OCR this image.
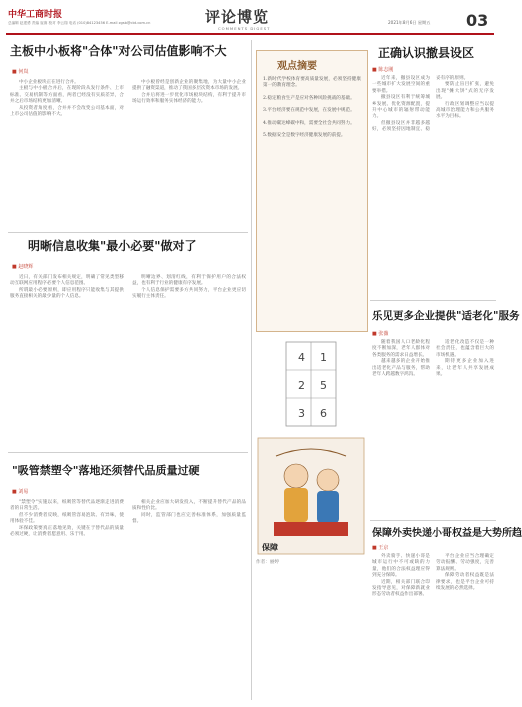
中华工商时报
总编辑 赵建勇 责编 崔赛 校对 李云翔 电话 (010)84123456 E-mail zgsb@cbt.com.cn	评论博览
COMMENTS DIGEST
2021年8月6日 星期五 03
主板中小板将"合体"对公司估值影响不大
■ 何岚

中小企业板块正在进行合并。

主板与中小板合并后，在现阶段从发行条件、上市标准、交易机制等方面看，两者已经没有实质差异，合并之后市场结构更加清晰。

从投资者角度看，合并并不会改变公司基本面，对上市公司估值的影响不大。

中小板曾经是创新企业的聚集地，为大量中小企业提供了融资渠道，推动了我国多层次资本市场的发展。

合并后将进一步优化市场板块结构，有利于提升市场运行效率和服务实体经济的能力。

明晰信息收集"最小必要"做对了
■ 赵晓辉

近日，有关部门发布相关规定，明确了常见类型移动互联网应用程序必要个人信息范围。

所谓最小必要原则，即应用程序只能收集与其提供服务直接相关的最少量的个人信息。

明晰边界、划清红线，有利于保护用户的合法权益，也有利于行业的健康有序发展。

个人信息保护需要多方共同努力，平台企业更应切实履行主体责任。

"吸管禁塑令"落地还须替代品质量过硬
■ 刘易

"禁塑令"实施以来，纸吸管等替代品逐渐走进消费者的日常生活。

但不少消费者反映，纸吸管容易泡软、有异味，使用体验不佳。

环保政策要真正落地见效，关键在于替代品的质量必须过硬，让消费者愿意用、乐于用。

相关企业应加大研发投入，不断提升替代产品的品质和性价比。

同时，监管部门也应完善标准体系，加强质量监督。

观点摘要

1.新时代学校体育要高质量发展，必须坚持健康第一的教育理念。

2.稳定粮食生产是应对各种风险挑战的基础。

3.平台经济要在规范中发展，在发展中规范。

4.推动碳达峰碳中和，需要全社会共同努力。

5.数据安全是数字经济健康发展的前提。

4 1
2 5
3 6
保障
作者：丽婷
正确认识撤县设区
■ 陈志刚

近年来，撤县设区成为一些城市扩大发展空间的重要举措。

撤县设区有利于统筹城乡发展、优化资源配置，提升中心城市的辐射带动能力。

但撤县设区并非越多越好，必须坚持因地制宜、稳妥有序的原则。

要防止盲目扩张，避免出现"摊大饼"式的无序发展。

行政区划调整应当以提高城市治理能力和公共服务水平为目标。

乐见更多企业提供"适老化"服务
■ 张薇

随着我国人口老龄化程度不断加深，老年人群体对各类服务的需求日益增长。

越来越多的企业开始推出适老化产品与服务，帮助老年人跨越数字鸿沟。

适老化改造不仅是一种社会责任，也蕴含着巨大的市场机遇。

期待更多企业加入进来，让老年人共享发展成果。

保障外卖快递小哥权益是大势所趋
■ 王京

外卖骑手、快递小哥是城市运行中不可或缺的力量，他们的合法权益理应得到充分保障。

近期，相关部门联合印发指导意见，对保障新就业形态劳动者权益作出部署。

平台企业应当合理确定劳动报酬、劳动强度，完善算法规则。

保障劳动者权益既是法律要求，也是平台企业可持续发展的必然选择。
